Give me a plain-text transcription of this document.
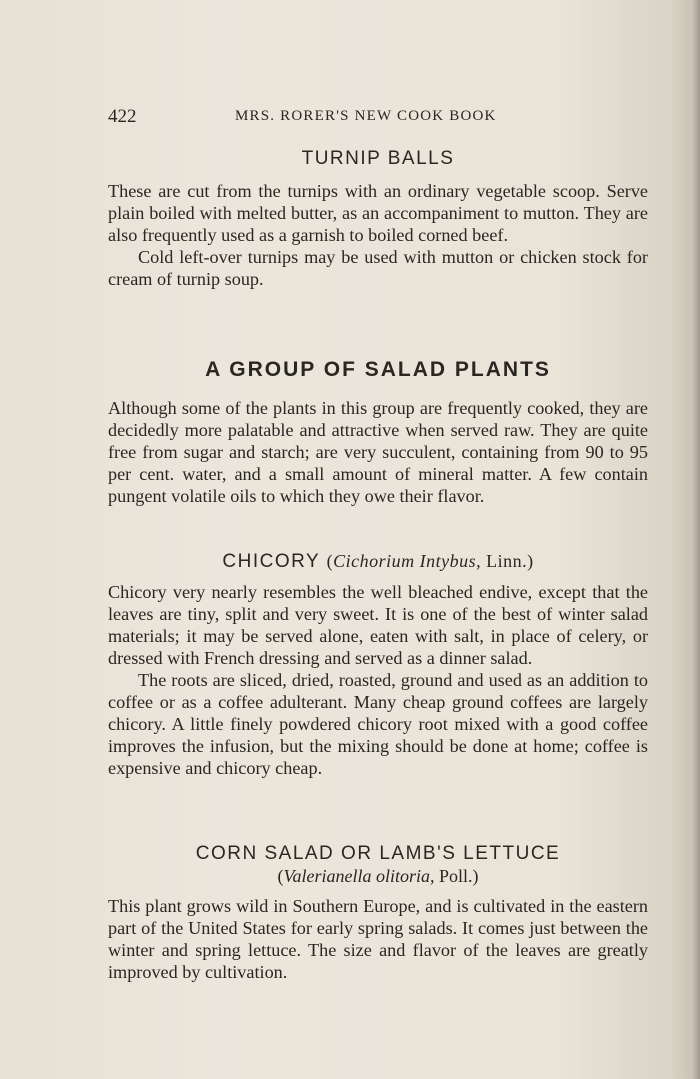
422	MRS. RORER'S NEW COOK BOOK
TURNIP BALLS

These are cut from the turnips with an ordinary vegetable scoop. Serve plain boiled with melted butter, as an accompaniment to mutton. They are also frequently used as a garnish to boiled corned beef.

Cold left-over turnips may be used with mutton or chicken stock for cream of turnip soup.

A GROUP OF SALAD PLANTS

Although some of the plants in this group are frequently cooked, they are decidedly more palatable and attractive when served raw. They are quite free from sugar and starch; are very succulent, containing from 90 to 95 per cent. water, and a small amount of mineral matter. A few contain pungent volatile oils to which they owe their flavor.

CHICORY (Cichorium Intybus, Linn.)

Chicory very nearly resembles the well bleached endive, except that the leaves are tiny, split and very sweet. It is one of the best of winter salad materials; it may be served alone, eaten with salt, in place of celery, or dressed with French dressing and served as a dinner salad.

The roots are sliced, dried, roasted, ground and used as an addition to coffee or as a coffee adulterant. Many cheap ground coffees are largely chicory. A little finely powdered chicory root mixed with a good coffee improves the infusion, but the mixing should be done at home; coffee is expensive and chicory cheap.

CORN SALAD OR LAMB'S LETTUCE
(Valerianella olitoria, Poll.)

This plant grows wild in Southern Europe, and is cultivated in the eastern part of the United States for early spring salads. It comes just between the winter and spring lettuce. The size and flavor of the leaves are greatly improved by cultivation.
